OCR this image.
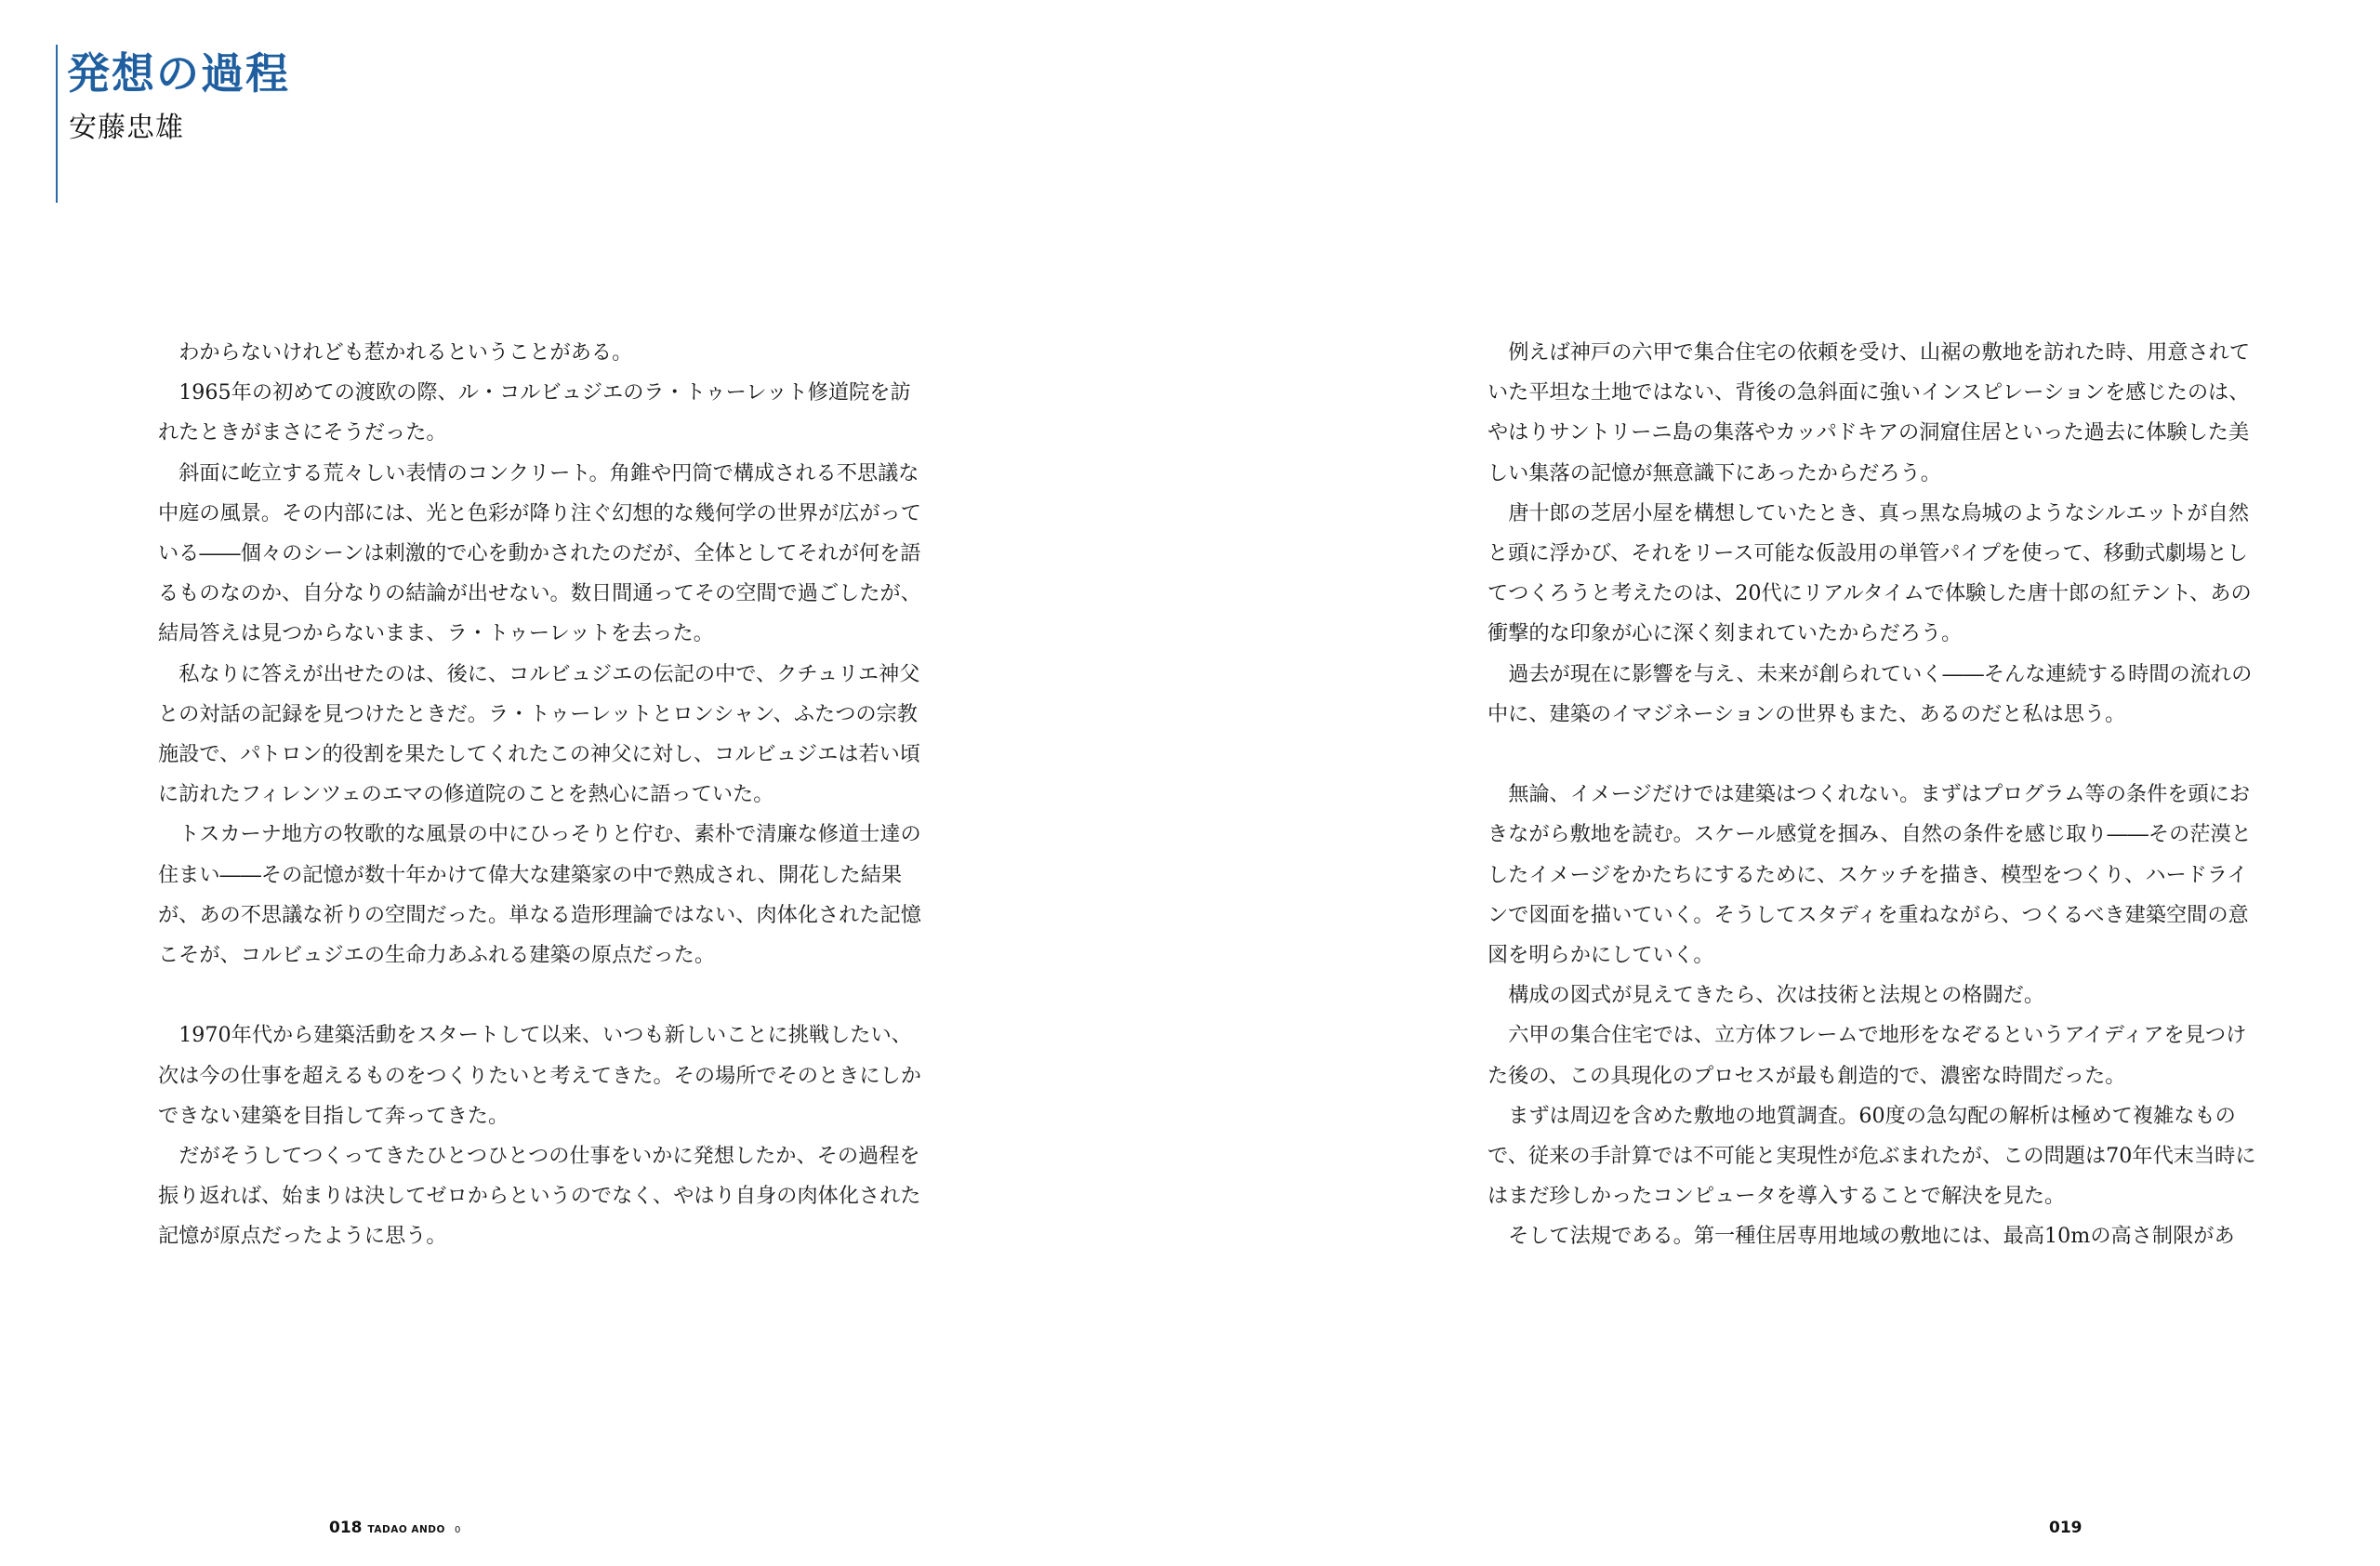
発想の過程
安藤忠雄

わからないけれども惹かれるということがある。

1965年の初めての渡欧の際、ル・コルビュジエのラ・トゥーレット修道院を訪れたときがまさにそうだった。

斜面に屹立する荒々しい表情のコンクリート。角錐や円筒で構成される不思議な中庭の風景。その内部には、光と色彩が降り注ぐ幻想的な幾何学の世界が広がっている――個々のシーンは刺激的で心を動かされたのだが、全体としてそれが何を語るものなのか、自分なりの結論が出せない。数日間通ってその空間で過ごしたが、結局答えは見つからないまま、ラ・トゥーレットを去った。

私なりに答えが出せたのは、後に、コルビュジエの伝記の中で、クチュリエ神父との対話の記録を見つけたときだ。ラ・トゥーレットとロンシャン、ふたつの宗教施設で、パトロン的役割を果たしてくれたこの神父に対し、コルビュジエは若い頃に訪れたフィレンツェのエマの修道院のことを熱心に語っていた。

トスカーナ地方の牧歌的な風景の中にひっそりと佇む、素朴で清廉な修道士達の住まい――その記憶が数十年かけて偉大な建築家の中で熟成され、開花した結果が、あの不思議な祈りの空間だった。単なる造形理論ではない、肉体化された記憶こそが、コルビュジエの生命力あふれる建築の原点だった。

1970年代から建築活動をスタートして以来、いつも新しいことに挑戦したい、次は今の仕事を超えるものをつくりたいと考えてきた。その場所でそのときにしかできない建築を目指して奔ってきた。

だがそうしてつくってきたひとつひとつの仕事をいかに発想したか、その過程を振り返れば、始まりは決してゼロからというのでなく、やはり自身の肉体化された記憶が原点だったように思う。

例えば神戸の六甲で集合住宅の依頼を受け、山裾の敷地を訪れた時、用意されていた平坦な土地ではない、背後の急斜面に強いインスピレーションを感じたのは、やはりサントリーニ島の集落やカッパドキアの洞窟住居といった過去に体験した美しい集落の記憶が無意識下にあったからだろう。

唐十郎の芝居小屋を構想していたとき、真っ黒な烏城のようなシルエットが自然と頭に浮かび、それをリース可能な仮設用の単管パイプを使って、移動式劇場としてつくろうと考えたのは、20代にリアルタイムで体験した唐十郎の紅テント、あの衝撃的な印象が心に深く刻まれていたからだろう。

過去が現在に影響を与え、未来が創られていく――そんな連続する時間の流れの中に、建築のイマジネーションの世界もまた、あるのだと私は思う。

無論、イメージだけでは建築はつくれない。まずはプログラム等の条件を頭におきながら敷地を読む。スケール感覚を掴み、自然の条件を感じ取り――その茫漠としたイメージをかたちにするために、スケッチを描き、模型をつくり、ハードラインで図面を描いていく。そうしてスタディを重ねながら、つくるべき建築空間の意図を明らかにしていく。

構成の図式が見えてきたら、次は技術と法規との格闘だ。

六甲の集合住宅では、立方体フレームで地形をなぞるというアイディアを見つけた後の、この具現化のプロセスが最も創造的で、濃密な時間だった。

まずは周辺を含めた敷地の地質調査。60度の急勾配の解析は極めて複雑なもので、従来の手計算では不可能と実現性が危ぶまれたが、この問題は70年代末当時にはまだ珍しかったコンピュータを導入することで解決を見た。

そして法規である。第一種住居専用地域の敷地には、最高10mの高さ制限があ

018 TADAO ANDO 0	019
